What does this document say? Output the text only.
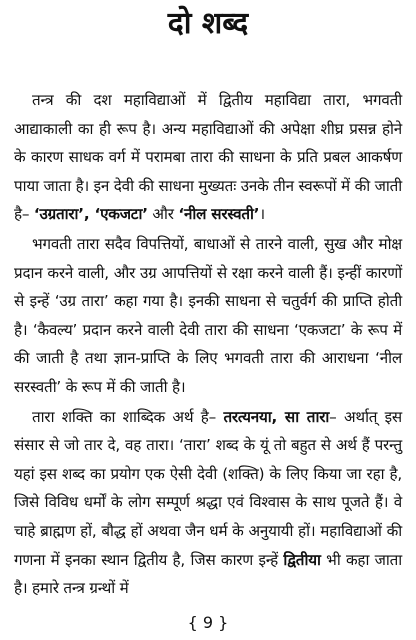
दो शब्द

तन्त्र की दश महाविद्याओं में द्वितीय महाविद्या तारा, भगवती आद्याकाली का ही रूप है। अन्य महाविद्याओं की अपेक्षा शीघ्र प्रसन्न होने के कारण साधक वर्ग में परामबा तारा की साधना के प्रति प्रबल आकर्षण पाया जाता है। इन देवी की साधना मुख्यतः उनके तीन स्वरूपों में की जाती है– ‘उग्रतारा’, ‘एकजटा’ और ‘नील सरस्वती’।

भगवती तारा सदैव विपत्तियों, बाधाओं से तारने वाली, सुख और मोक्ष प्रदान करने वाली, और उग्र आपत्तियों से रक्षा करने वाली हैं। इन्हीं कारणों से इन्हें ‘उग्र तारा’ कहा गया है। इनकी साधना से चतुर्वर्ग की प्राप्ति होती है। ‘कैवल्य’ प्रदान करने वाली देवी तारा की साधना ‘एकजटा’ के रूप में की जाती है तथा ज्ञान-प्राप्ति के लिए भगवती तारा की आराधना ‘नील सरस्वती’ के रूप में की जाती है।

तारा शक्ति का शाब्दिक अर्थ है– तरत्यनया, सा तारा– अर्थात् इस संसार से जो तार दे, वह तारा। ‘तारा’ शब्द के यूं तो बहुत से अर्थ हैं परन्तु यहां इस शब्द का प्रयोग एक ऐसी देवी (शक्ति) के लिए किया जा रहा है, जिसे विविध धर्मों के लोग सम्पूर्ण श्रद्धा एवं विश्वास के साथ पूजते हैं। वे चाहे ब्राह्मण हों, बौद्ध हों अथवा जैन धर्म के अनुयायी हों। महाविद्याओं की गणना में इनका स्थान द्वितीय है, जिस कारण इन्हें द्वितीया भी कहा जाता है। हमारे तन्त्र ग्रन्थों में

{ 9 }
